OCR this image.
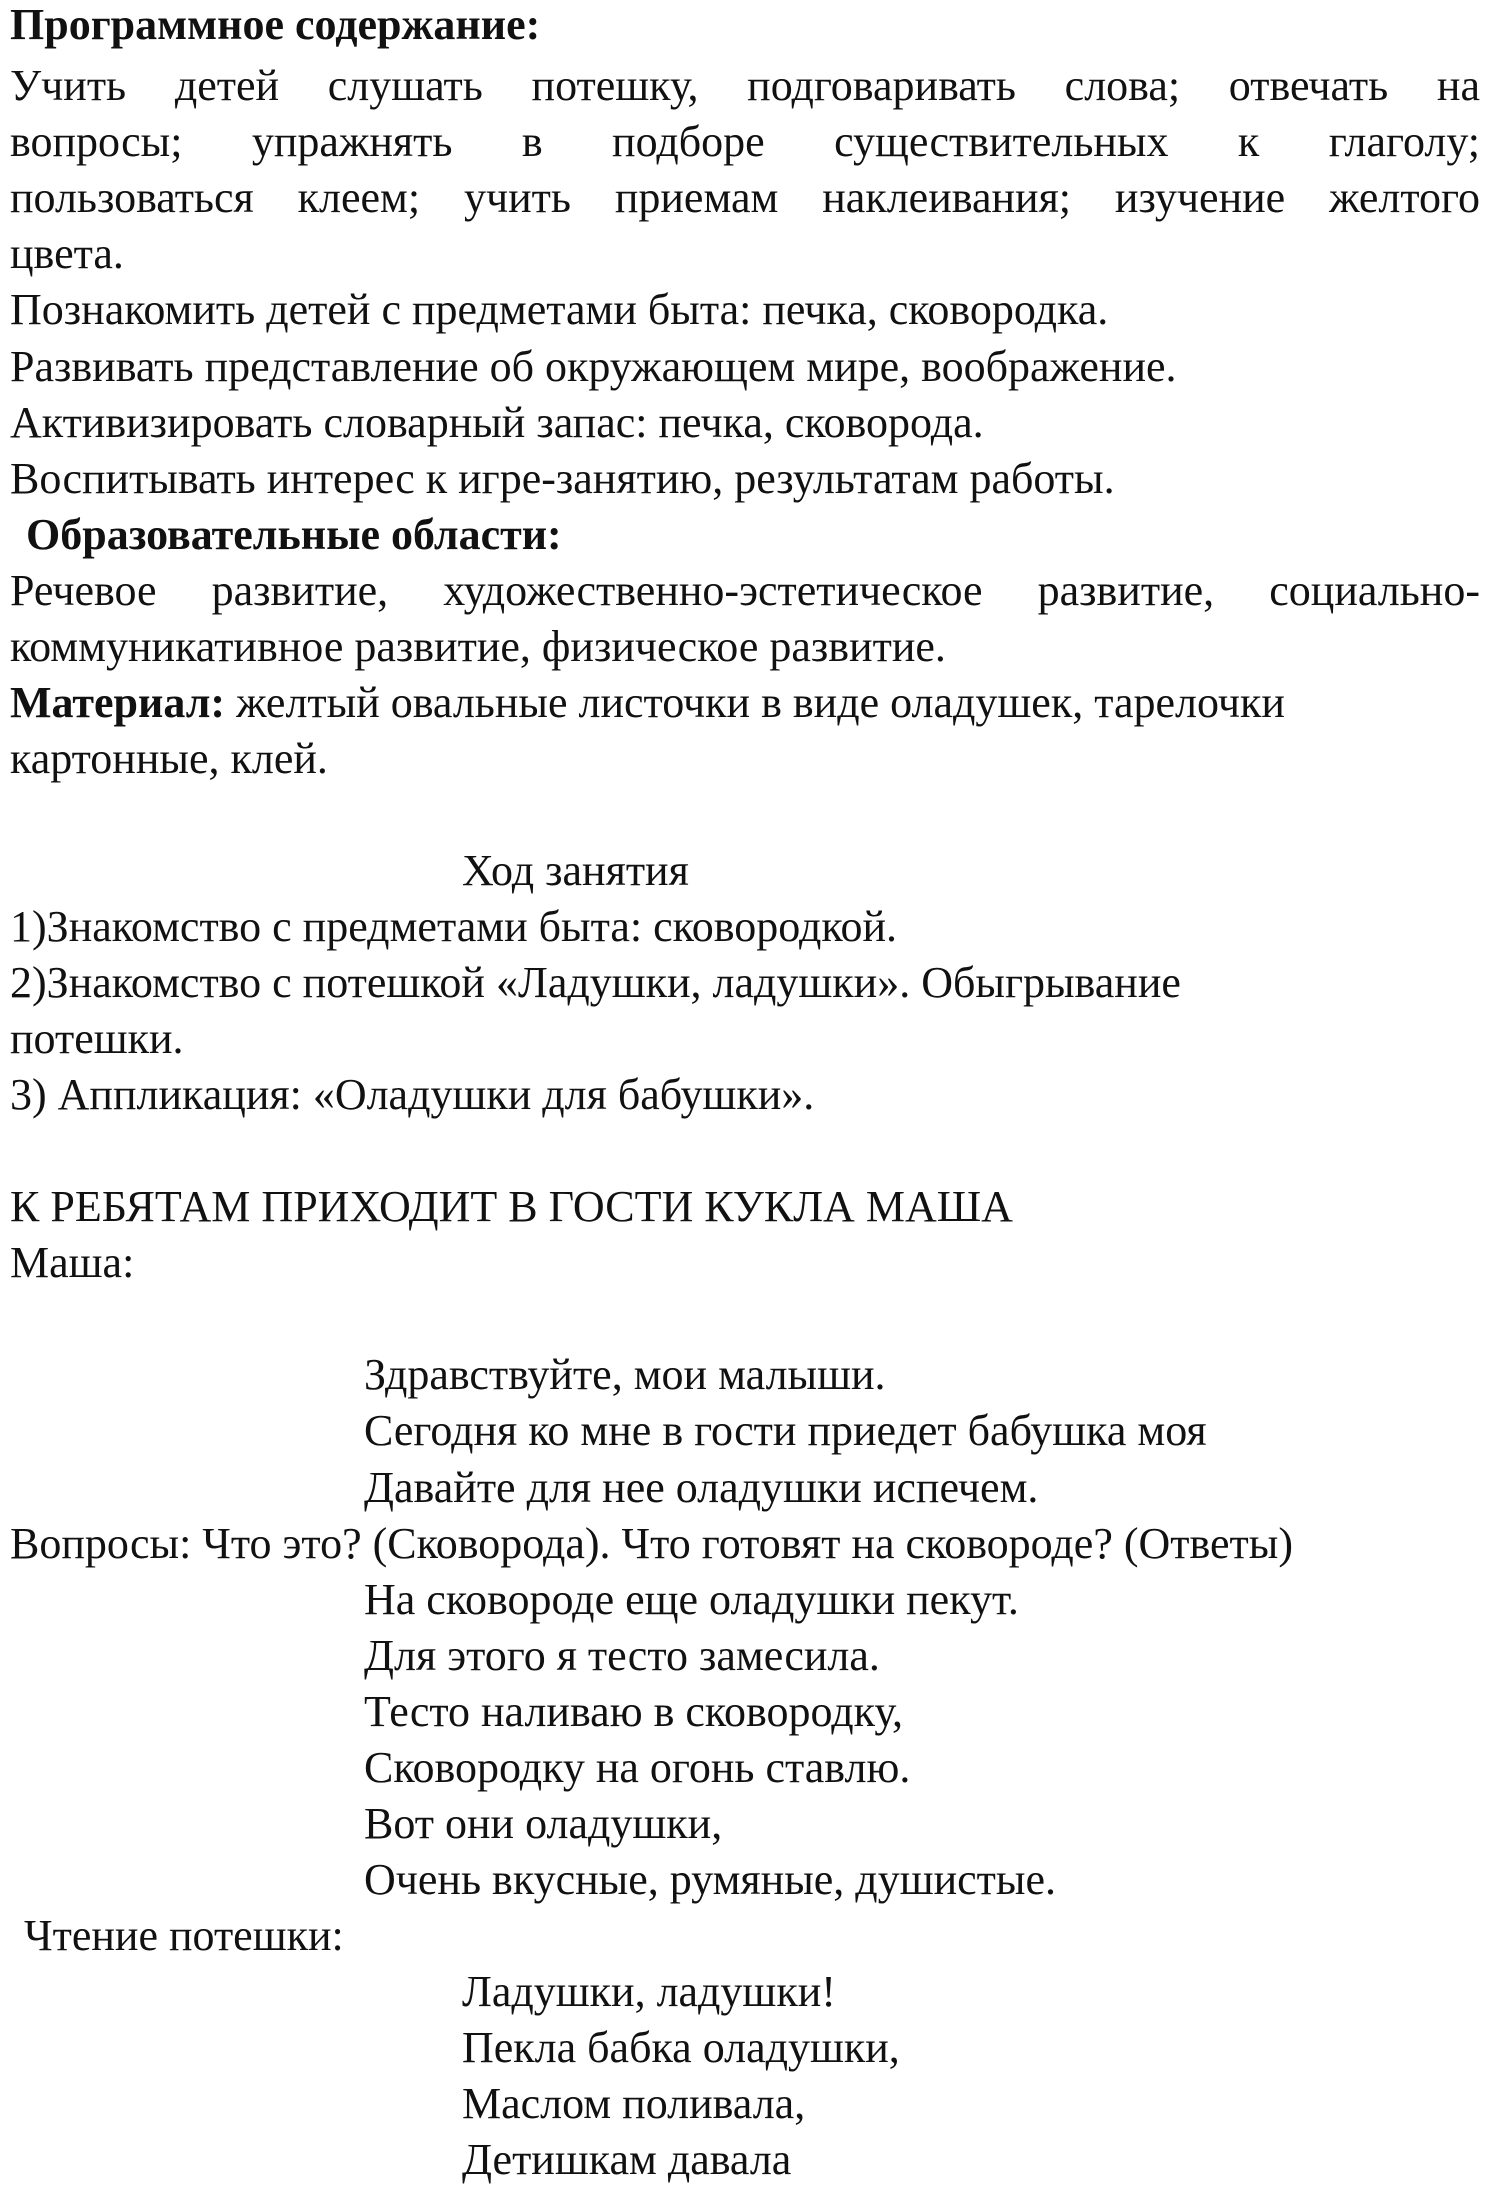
Программное содержание:
Учить детей слушать потешку, подговаривать слова; отвечать на
вопросы; упражнять в подборе существительных к глаголу;
пользоваться клеем; учить приемам наклеивания; изучение желтого
цвета.
Познакомить детей с предметами быта: печка, сковородка.
Развивать представление об окружающем мире, воображение.
Активизировать словарный запас: печка, сковорода.
Воспитывать интерес к игре-занятию, результатам работы.
Образовательные области:
Речевое развитие, художественно-эстетическое развитие, социально-
коммуникативное развитие, физическое развитие.
Материал: желтый овальные листочки в виде оладушек, тарелочки
картонные, клей.
Ход занятия
1)Знакомство с предметами быта: сковородкой.
2)Знакомство с потешкой «Ладушки, ладушки». Обыгрывание
потешки.
3) Аппликация: «Оладушки для бабушки».
К РЕБЯТАМ ПРИХОДИТ В ГОСТИ КУКЛА МАША
Маша:
Здравствуйте, мои малыши.
Сегодня ко мне в гости приедет бабушка моя
Давайте для нее оладушки испечем.
Вопросы: Что это? (Сковорода). Что готовят на сковороде? (Ответы)
На сковороде еще оладушки пекут.
Для этого я тесто замесила.
Тесто наливаю в сковородку,
Сковородку на огонь ставлю.
Вот они оладушки,
Очень вкусные, румяные, душистые.
Чтение потешки:
Ладушки, ладушки!
Пекла бабка оладушки,
Маслом поливала,
Детишкам давала
